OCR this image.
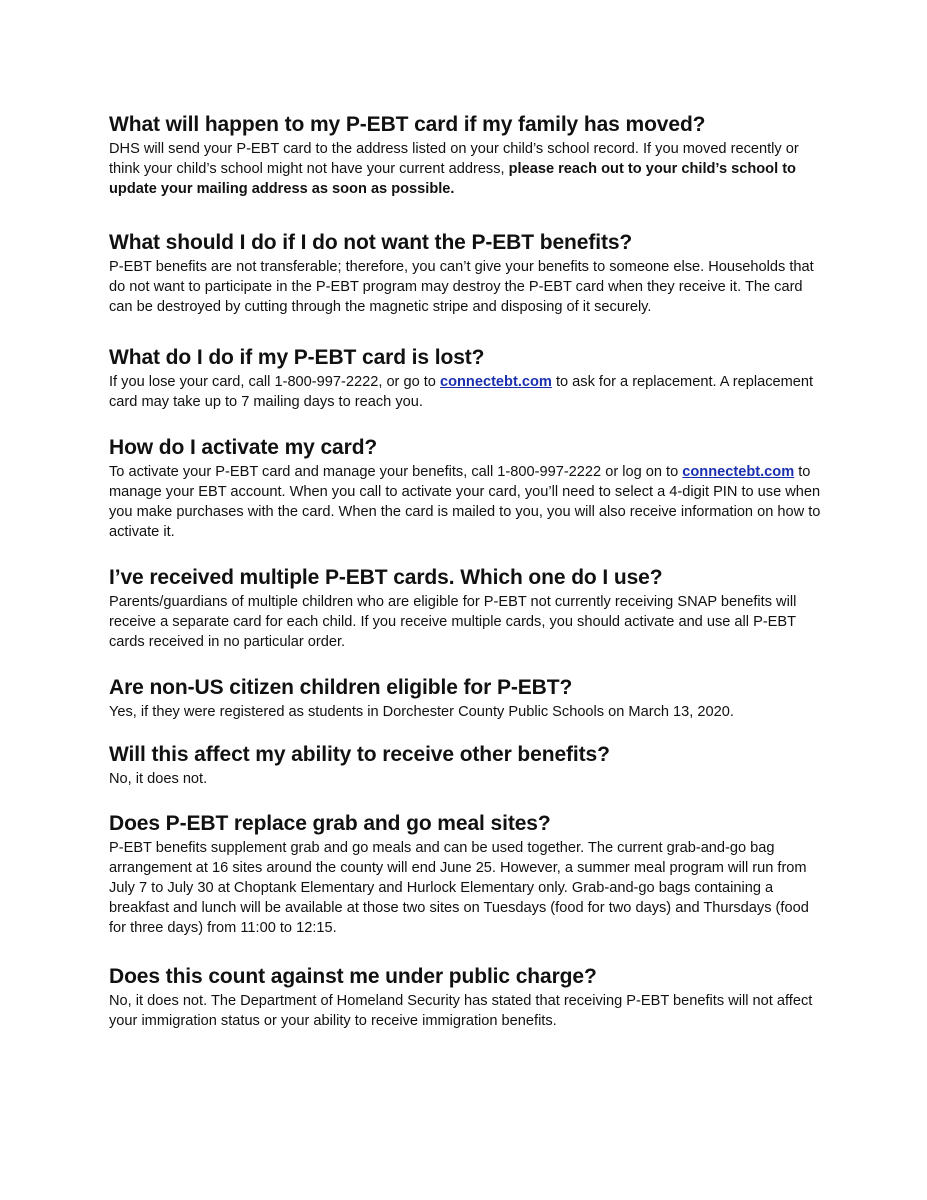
What will happen to my P-EBT card if my family has moved?

DHS will send your P-EBT card to the address listed on your child’s school record. If you moved recently or think your child’s school might not have your current address, please reach out to your child’s school to update your mailing address as soon as possible.

What should I do if I do not want the P-EBT benefits?

P-EBT benefits are not transferable; therefore, you can’t give your benefits to someone else. Households that do not want to participate in the P-EBT program may destroy the P-EBT card when they receive it. The card can be destroyed by cutting through the magnetic stripe and disposing of it securely.

What do I do if my P-EBT card is lost?

If you lose your card, call 1-800-997-2222, or go to connectebt.com to ask for a replacement. A replacement card may take up to 7 mailing days to reach you.

How do I activate my card?

To activate your P-EBT card and manage your benefits, call 1-800-997-2222 or log on to connectebt.com to manage your EBT account. When you call to activate your card, you’ll need to select a 4-digit PIN to use when you make purchases with the card. When the card is mailed to you, you will also receive information on how to activate it.

I’ve received multiple P-EBT cards. Which one do I use?

Parents/guardians of multiple children who are eligible for P-EBT not currently receiving SNAP benefits will receive a separate card for each child. If you receive multiple cards, you should activate and use all P-EBT cards received in no particular order.

Are non-US citizen children eligible for P-EBT?

Yes, if they were registered as students in Dorchester County Public Schools on March 13, 2020.

Will this affect my ability to receive other benefits?

No, it does not.

Does P-EBT replace grab and go meal sites?

P-EBT benefits supplement grab and go meals and can be used together. The current grab-and-go bag arrangement at 16 sites around the county will end June 25. However, a summer meal program will run from July 7 to July 30 at Choptank Elementary and Hurlock Elementary only. Grab-and-go bags containing a breakfast and lunch will be available at those two sites on Tuesdays (food for two days) and Thursdays (food for three days) from 11:00 to 12:15.

Does this count against me under public charge?

No, it does not. The Department of Homeland Security has stated that receiving P-EBT benefits will not affect your immigration status or your ability to receive immigration benefits.
